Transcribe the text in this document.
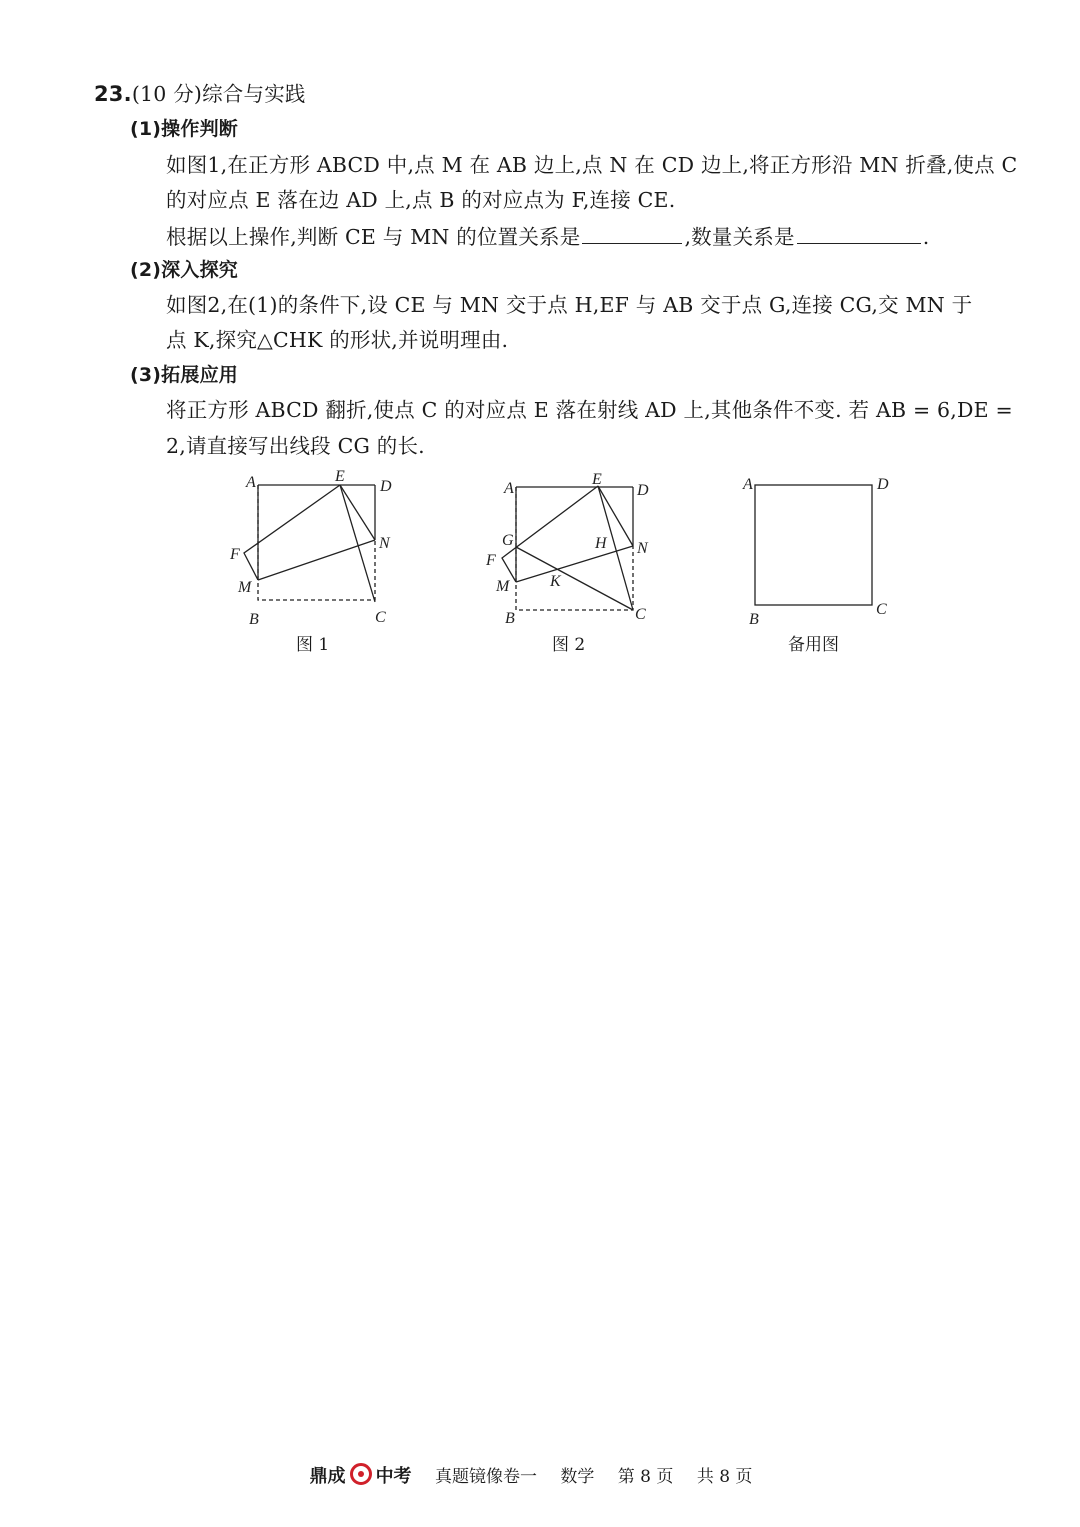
23.(10 分)综合与实践
(1)操作判断
如图1,在正方形 ABCD 中,点 M 在 AB 边上,点 N 在 CD 边上,将正方形沿 MN 折叠,使点 C
的对应点 E 落在边 AD 上,点 B 的对应点为 F,连接 CE.
根据以上操作,判断 CE 与 MN 的位置关系是	,数量关系是	.
(2)深入探究
如图2,在(1)的条件下,设 CE 与 MN 交于点 H,EF 与 AB 交于点 G,连接 CG,交 MN 于
点 K,探究△CHK 的形状,并说明理由.
(3)拓展应用
将正方形 ABCD 翻折,使点 C 的对应点 E 落在射线 AD 上,其他条件不变. 若 AB = 6,DE =
2,请直接写出线段 CG 的长.
A	E
D
F
N
M
B	C
图 1
A
E
D
G	H N
F
M	K
B	C
图 2
A	D
B
C
备用图
鼎成 中考 真题镜像卷一 数学 第 8 页 共 8 页
